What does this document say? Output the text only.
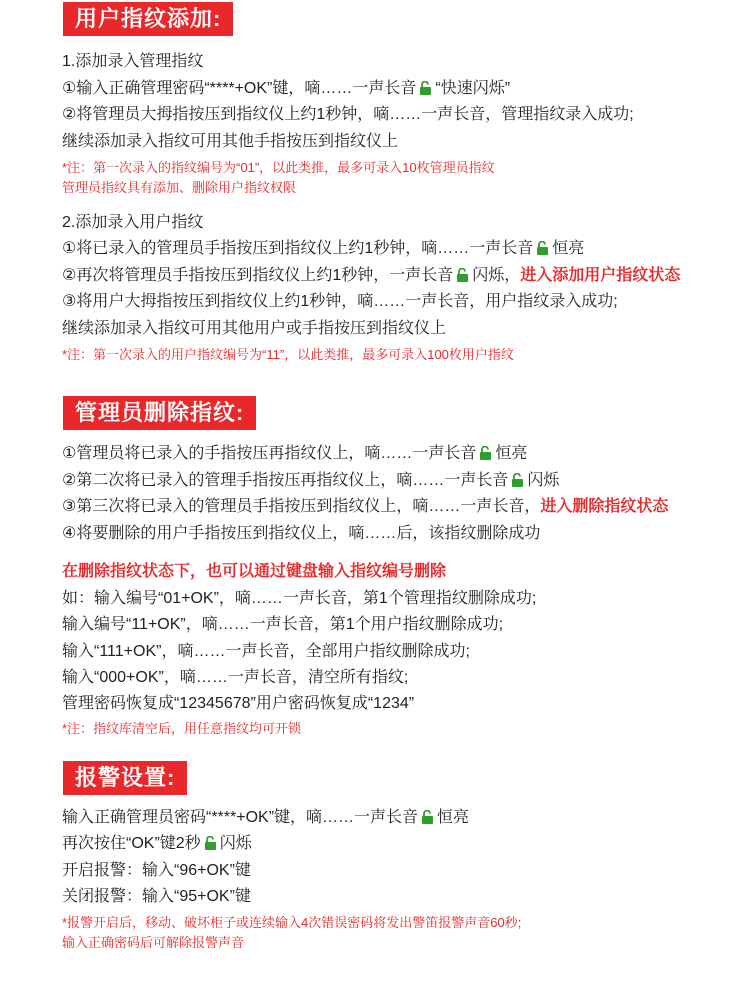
用户指纹添加:
1.添加录入管理指纹
①输入正确管理密码“****+OK”键，嘀……一声长音 “快速闪烁”
②将管理员大拇指按压到指纹仪上约1秒钟，嘀……一声长音，管理指纹录入成功;
继续添加录入指纹可用其他手指按压到指纹仪上
*注：第一次录入的指纹编号为“01”，以此类推，最多可录入10枚管理员指纹
管理员指纹具有添加、删除用户指纹权限
2.添加录入用户指纹
①将已录入的管理员手指按压到指纹仪上约1秒钟，嘀……一声长音 恒亮
②再次将管理员手指按压到指纹仪上约1秒钟，一声长音 闪烁，进入添加用户指纹状态
③将用户大拇指按压到指纹仪上约1秒钟，嘀……一声长音，用户指纹录入成功;
继续添加录入指纹可用其他用户或手指按压到指纹仪上
*注：第一次录入的用户指纹编号为“11”，以此类推，最多可录入100枚用户指纹
管理员删除指纹:
①管理员将已录入的手指按压再指纹仪上，嘀……一声长音 恒亮
②第二次将已录入的管理手指按压再指纹仪上，嘀……一声长音 闪烁
③第三次将已录入的管理员手指按压到指纹仪上，嘀……一声长音，进入删除指纹状态
④将要删除的用户手指按压到指纹仪上，嘀……后，该指纹删除成功
在删除指纹状态下，也可以通过键盘输入指纹编号删除
如：输入编号“01+OK”，嘀……一声长音，第1个管理指纹删除成功;
输入编号“11+OK”，嘀……一声长音，第1个用户指纹删除成功;
输入“111+OK”，嘀……一声长音，全部用户指纹删除成功;
输入“000+OK”，嘀……一声长音，清空所有指纹;
管理密码恢复成“12345678”用户密码恢复成“1234”
*注：指纹库清空后，用任意指纹均可开锁
报警设置:
输入正确管理员密码“****+OK”键，嘀……一声长音 恒亮
再次按住“OK”键2秒 闪烁
开启报警：输入“96+OK”键
关闭报警：输入“95+OK”键
*报警开启后，移动、破坏柜子或连续输入4次错误密码将发出警笛报警声音60秒;
输入正确密码后可解除报警声音
